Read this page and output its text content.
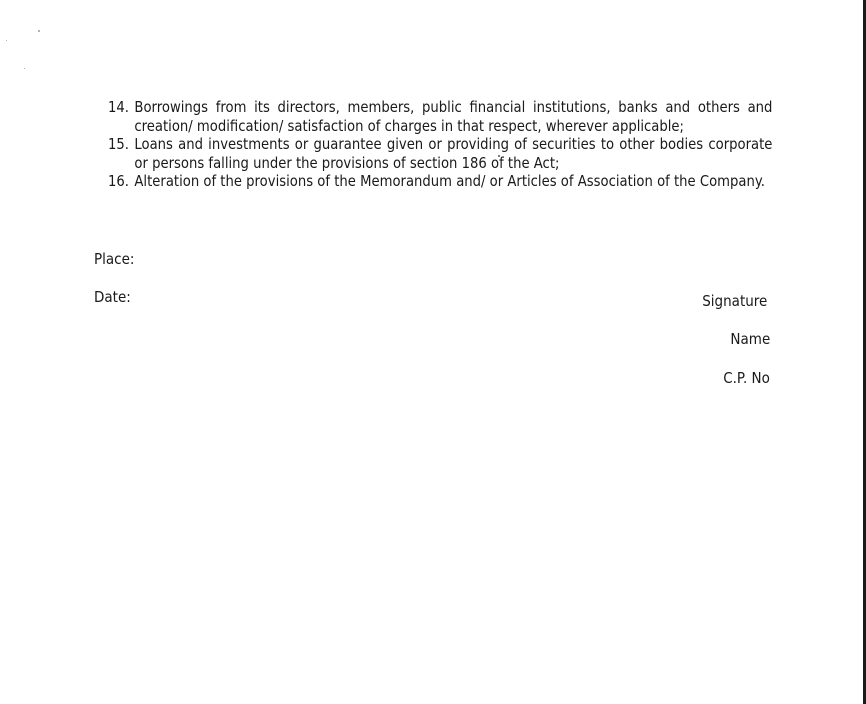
14. Borrowings from its directors, members, public financial institutions, banks and others and creation/ modification/ satisfaction of charges in that respect, wherever applicable;
15. Loans and investments or guarantee given or providing of securities to other bodies corporate or persons falling under the provisions of section 186 of the Act;
16. Alteration of the provisions of the Memorandum and/ or Articles of Association of the Company.
Place:
Date:	Signature
Name
C.P. No
